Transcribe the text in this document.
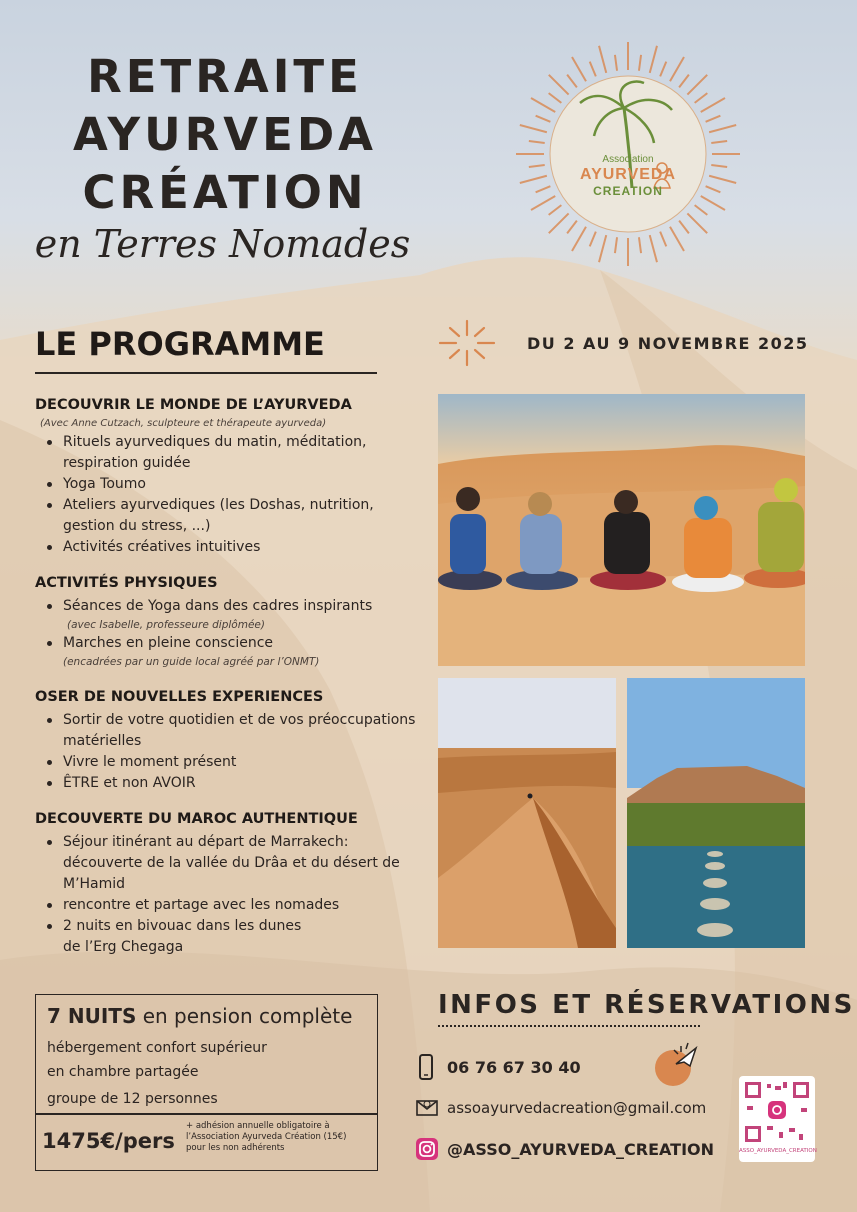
RETRAITE
AYURVEDA
CRÉATION
en Terres Nomades
Association
AYURVEDA
CREATION
LE PROGRAMME	DU 2 AU 9 NOVEMBRE 2025
DECOUVRIR LE MONDE DE L’AYURVEDA
(Avec Anne Cutzach, sculpteure et thérapeute ayurveda)
Rituels ayurvediques du matin, méditation, respiration guidée
Yoga Toumo
Ateliers ayurvediques (les Doshas, nutrition, gestion du stress, ...)
Activités créatives intuitives
ACTIVITÉS PHYSIQUES
Séances de Yoga dans des cadres inspirants
(avec Isabelle, professeure diplômée)
Marches en pleine conscience
(encadrées par un guide local agréé par l’ONMT)
OSER DE NOUVELLES EXPERIENCES
Sortir de votre quotidien et de vos préoccupations matérielles
Vivre le moment présent
ÊTRE et non AVOIR
DECOUVERTE DU MAROC AUTHENTIQUE
Séjour itinérant au départ de Marrakech: découverte de la vallée du Drâa et du désert de M’Hamid
rencontre et partage avec les nomades
2 nuits en bivouac dans les dunes de l’Erg Chegaga
7 NUITS en pension complète
hébergement confort supérieur
en chambre partagée
groupe de 12 personnes
1475€/pers
+ adhésion annuelle obligatoire à l’Association Ayurveda Création (15€) pour les non adhérents
INFOS ET RÉSERVATIONS
06 76 67 30 40
assoayurvedacreation@gmail.com
@ASSO_AYURVEDA_CREATION	ASSO_AYURVEDA_CREATION
